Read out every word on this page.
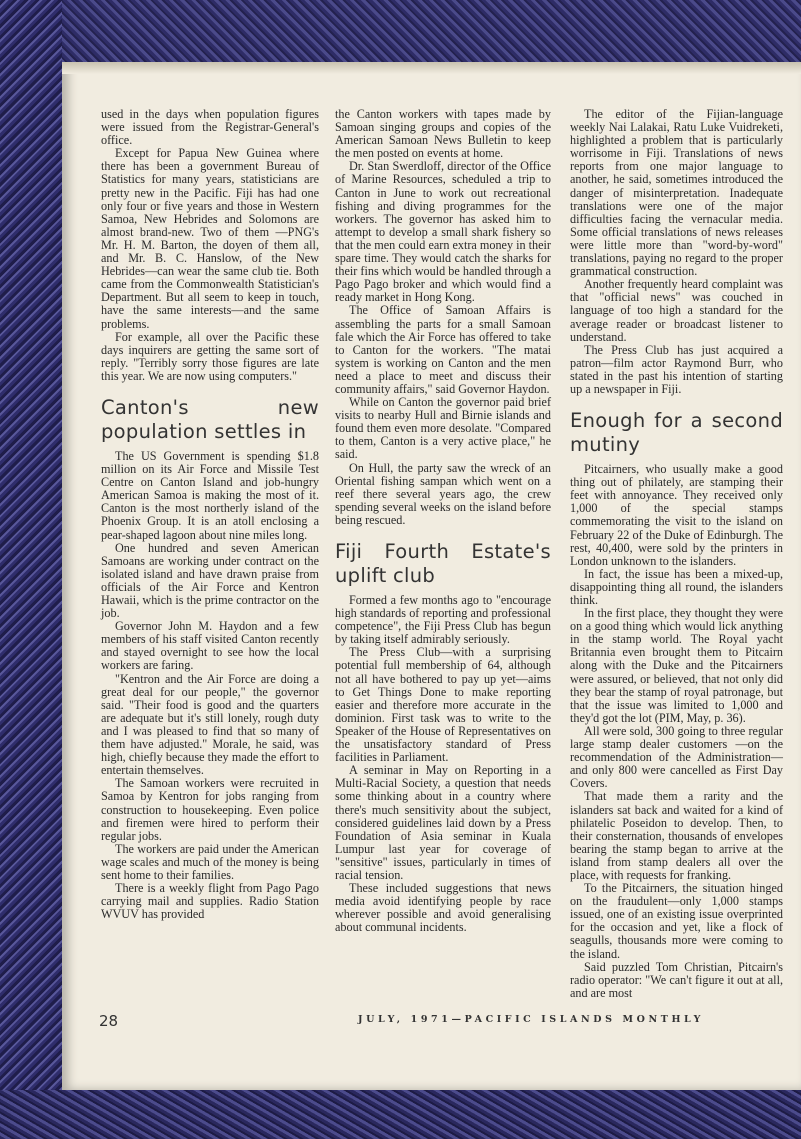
used in the days when population figures were issued from the Registrar-General's office.

Except for Papua New Guinea where there has been a government Bureau of Statistics for many years, statisticians are pretty new in the Pacific. Fiji has had one only four or five years and those in Western Samoa, New Hebrides and Solomons are almost brand-new. Two of them —PNG's Mr. H. M. Barton, the doyen of them all, and Mr. B. C. Hanslow, of the New Hebrides—can wear the same club tie. Both came from the Commonwealth Statistician's Department. But all seem to keep in touch, have the same interests—and the same problems.

For example, all over the Pacific these days inquirers are getting the same sort of reply. "Terribly sorry those figures are late this year. We are now using computers."

Canton's new population settles in

The US Government is spending $1.8 million on its Air Force and Missile Test Centre on Canton Island and job-hungry American Samoa is making the most of it. Canton is the most northerly island of the Phoenix Group. It is an atoll enclosing a pear-shaped lagoon about nine miles long.

One hundred and seven American Samoans are working under contract on the isolated island and have drawn praise from officials of the Air Force and Kentron Hawaii, which is the prime contractor on the job.

Governor John M. Haydon and a few members of his staff visited Canton recently and stayed overnight to see how the local workers are faring.

"Kentron and the Air Force are doing a great deal for our people," the governor said. "Their food is good and the quarters are adequate but it's still lonely, rough duty and I was pleased to find that so many of them have adjusted." Morale, he said, was high, chiefly because they made the effort to entertain themselves.

The Samoan workers were recruited in Samoa by Kentron for jobs ranging from construction to housekeeping. Even police and firemen were hired to perform their regular jobs.

The workers are paid under the American wage scales and much of the money is being sent home to their families.

There is a weekly flight from Pago Pago carrying mail and supplies. Radio Station WVUV has provided

the Canton workers with tapes made by Samoan singing groups and copies of the American Samoan News Bulletin to keep the men posted on events at home.

Dr. Stan Swerdloff, director of the Office of Marine Resources, scheduled a trip to Canton in June to work out recreational fishing and diving programmes for the workers. The governor has asked him to attempt to develop a small shark fishery so that the men could earn extra money in their spare time. They would catch the sharks for their fins which would be handled through a Pago Pago broker and which would find a ready market in Hong Kong.

The Office of Samoan Affairs is assembling the parts for a small Samoan fale which the Air Force has offered to take to Canton for the workers. "The matai system is working on Canton and the men need a place to meet and discuss their community affairs," said Governor Haydon.

While on Canton the governor paid brief visits to nearby Hull and Birnie islands and found them even more desolate. "Compared to them, Canton is a very active place," he said.

On Hull, the party saw the wreck of an Oriental fishing sampan which went on a reef there several years ago, the crew spending several weeks on the island before being rescued.

Fiji Fourth Estate's uplift club

Formed a few months ago to "encourage high standards of reporting and professional competence", the Fiji Press Club has begun by taking itself admirably seriously.

The Press Club—with a surprising potential full membership of 64, although not all have bothered to pay up yet—aims to Get Things Done to make reporting easier and therefore more accurate in the dominion. First task was to write to the Speaker of the House of Representatives on the unsatisfactory standard of Press facilities in Parliament.

A seminar in May on Reporting in a Multi-Racial Society, a question that needs some thinking about in a country where there's much sensitivity about the subject, considered guidelines laid down by a Press Foundation of Asia seminar in Kuala Lumpur last year for coverage of "sensitive" issues, particularly in times of racial tension.

These included suggestions that news media avoid identifying people by race wherever possible and avoid generalising about communal incidents.

The editor of the Fijian-language weekly Nai Lalakai, Ratu Luke Vuidreketi, highlighted a problem that is particularly worrisome in Fiji. Translations of news reports from one major language to another, he said, sometimes introduced the danger of misinterpretation. Inadequate translations were one of the major difficulties facing the vernacular media. Some official translations of news releases were little more than "word-by-word" translations, paying no regard to the proper grammatical construction.

Another frequently heard complaint was that "official news" was couched in language of too high a standard for the average reader or broadcast listener to understand.

The Press Club has just acquired a patron—film actor Raymond Burr, who stated in the past his intention of starting up a newspaper in Fiji.

Enough for a second mutiny

Pitcairners, who usually make a good thing out of philately, are stamping their feet with annoyance. They received only 1,000 of the special stamps commemorating the visit to the island on February 22 of the Duke of Edinburgh. The rest, 40,400, were sold by the printers in London unknown to the islanders.

In fact, the issue has been a mixed-up, disappointing thing all round, the islanders think.

In the first place, they thought they were on a good thing which would lick anything in the stamp world. The Royal yacht Britannia even brought them to Pitcairn along with the Duke and the Pitcairners were assured, or believed, that not only did they bear the stamp of royal patronage, but that the issue was limited to 1,000 and they'd got the lot (PIM, May, p. 36).

All were sold, 300 going to three regular large stamp dealer customers —on the recommendation of the Administration—and only 800 were cancelled as First Day Covers.

That made them a rarity and the islanders sat back and waited for a kind of philatelic Poseidon to develop. Then, to their consternation, thousands of envelopes bearing the stamp began to arrive at the island from stamp dealers all over the place, with requests for franking.

To the Pitcairners, the situation hinged on the fraudulent—only 1,000 stamps issued, one of an existing issue overprinted for the occasion and yet, like a flock of seagulls, thousands more were coming to the island.

Said puzzled Tom Christian, Pitcairn's radio operator: "We can't figure it out at all, and are most

28	JULY, 1971—PACIFIC ISLANDS MONTHLY
